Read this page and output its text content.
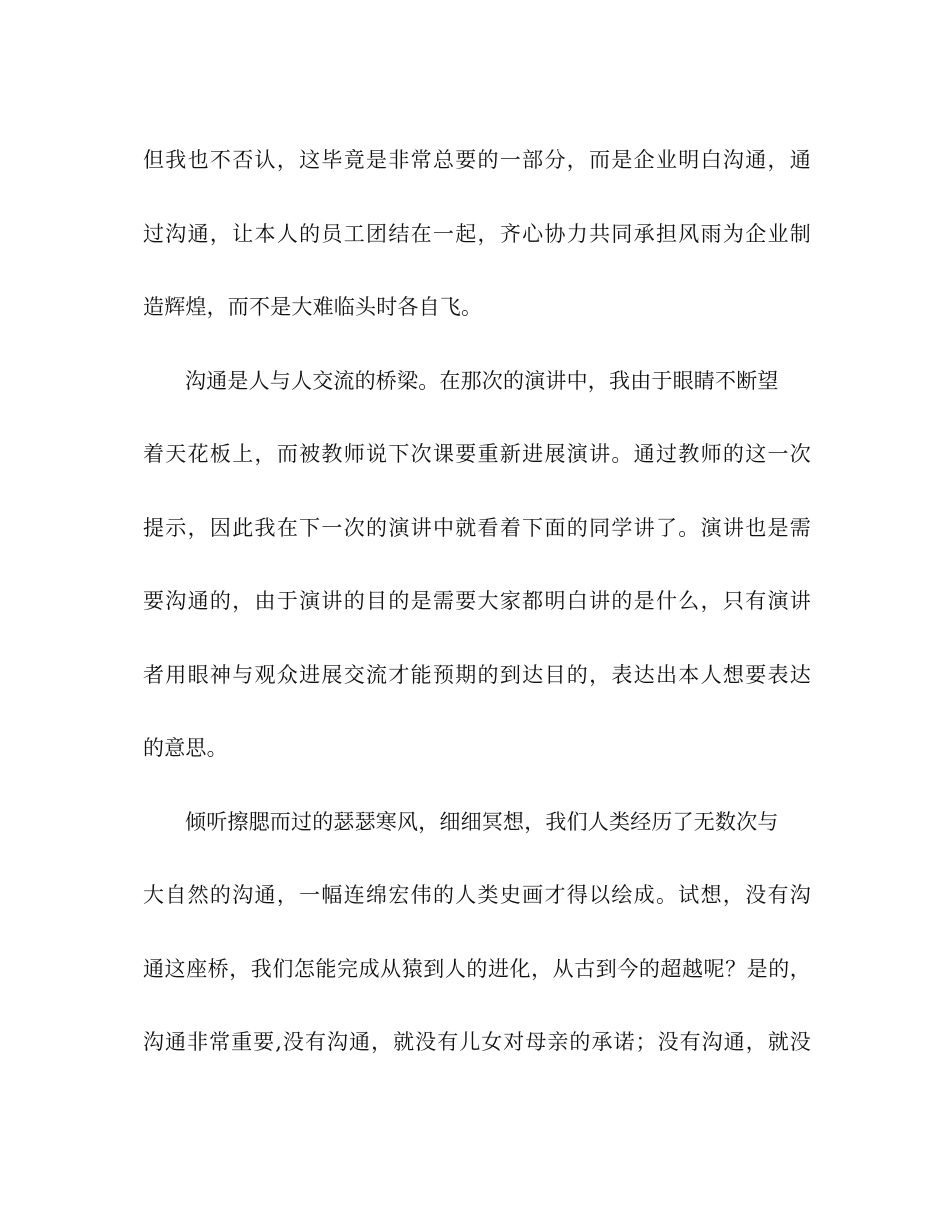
但我也不否认，这毕竟是非常总要的一部分，而是企业明白沟通，通
过沟通，让本人的员工团结在一起，齐心协力共同承担风雨为企业制
造辉煌，而不是大难临头时各自飞。
沟通是人与人交流的桥梁。在那次的演讲中，我由于眼睛不断望
着天花板上，而被教师说下次课要重新进展演讲。通过教师的这一次
提示，因此我在下一次的演讲中就看着下面的同学讲了。演讲也是需
要沟通的，由于演讲的目的是需要大家都明白讲的是什么，只有演讲
者用眼神与观众进展交流才能预期的到达目的，表达出本人想要表达
的意思。
倾听擦腮而过的瑟瑟寒风，细细冥想，我们人类经历了无数次与
大自然的沟通，一幅连绵宏伟的人类史画才得以绘成。试想，没有沟
通这座桥，我们怎能完成从猿到人的进化，从古到今的超越呢？是的，
沟通非常重要,没有沟通，就没有儿女对母亲的承诺；没有沟通，就没
